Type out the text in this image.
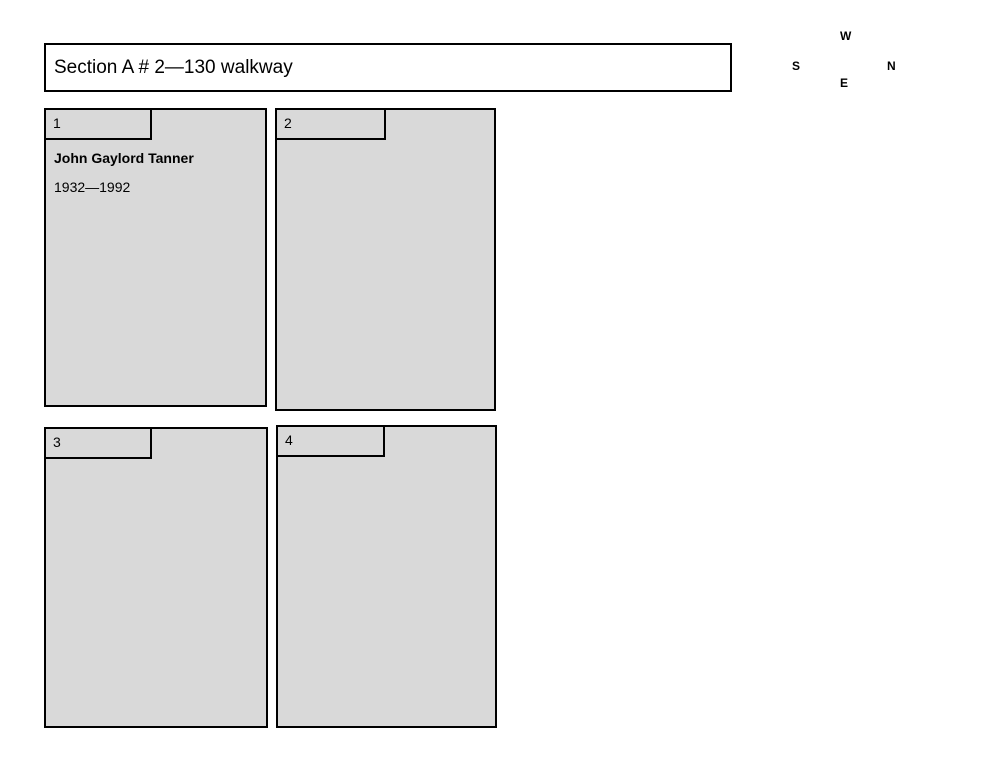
Section A # 2—130 walkway
W
S	N
E
1

John Gaylord Tanner

1932—1992

2

3	4
